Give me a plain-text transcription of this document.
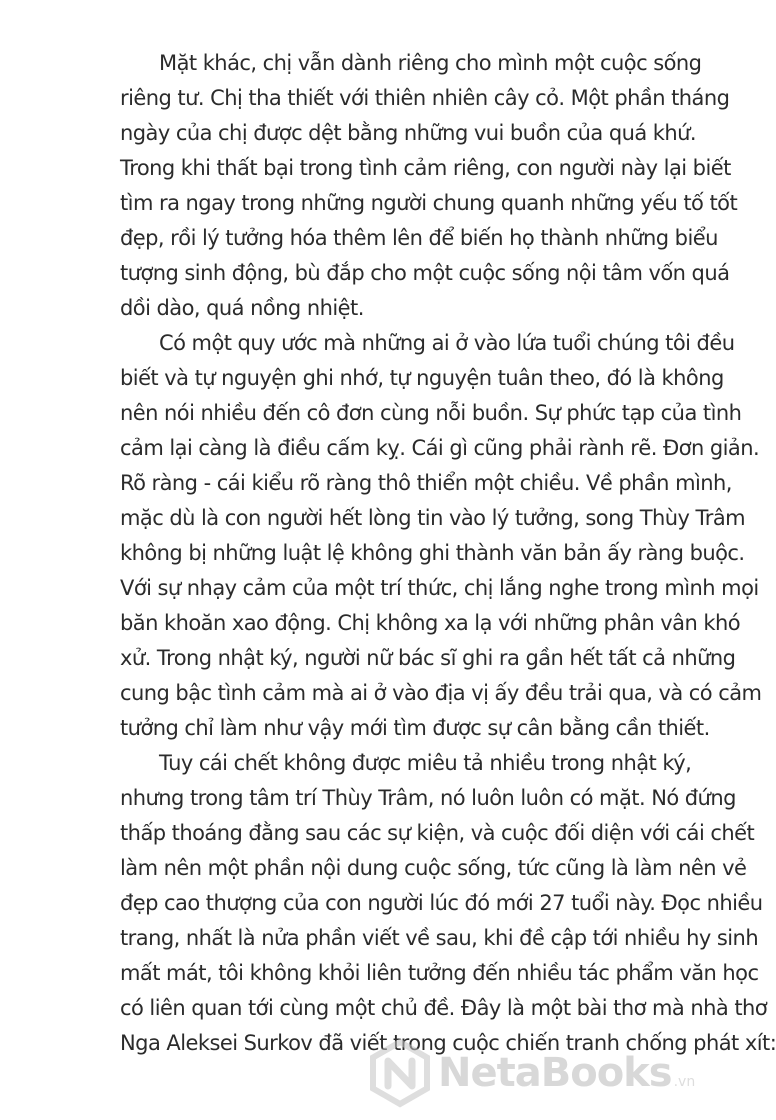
Mặt khác, chị vẫn dành riêng cho mình một cuộc sống
riêng tư. Chị tha thiết với thiên nhiên cây cỏ. Một phần tháng
ngày của chị được dệt bằng những vui buồn của quá khứ.
Trong khi thất bại trong tình cảm riêng, con người này lại biết
tìm ra ngay trong những người chung quanh những yếu tố tốt
đẹp, rồi lý tưởng hóa thêm lên để biến họ thành những biểu
tượng sinh động, bù đắp cho một cuộc sống nội tâm vốn quá
dồi dào, quá nồng nhiệt.
Có một quy ước mà những ai ở vào lứa tuổi chúng tôi đều
biết và tự nguyện ghi nhớ, tự nguyện tuân theo, đó là không
nên nói nhiều đến cô đơn cùng nỗi buồn. Sự phức tạp của tình
cảm lại càng là điều cấm kỵ. Cái gì cũng phải rành rẽ. Đơn giản.
Rõ ràng - cái kiểu rõ ràng thô thiển một chiều. Về phần mình,
mặc dù là con người hết lòng tin vào lý tưởng, song Thùy Trâm
không bị những luật lệ không ghi thành văn bản ấy ràng buộc.
Với sự nhạy cảm của một trí thức, chị lắng nghe trong mình mọi
băn khoăn xao động. Chị không xa lạ với những phân vân khó
xử. Trong nhật ký, người nữ bác sĩ ghi ra gần hết tất cả những
cung bậc tình cảm mà ai ở vào địa vị ấy đều trải qua, và có cảm
tưởng chỉ làm như vậy mới tìm được sự cân bằng cần thiết.
Tuy cái chết không được miêu tả nhiều trong nhật ký,
nhưng trong tâm trí Thùy Trâm, nó luôn luôn có mặt. Nó đứng
thấp thoáng đằng sau các sự kiện, và cuộc đối diện với cái chết
làm nên một phần nội dung cuộc sống, tức cũng là làm nên vẻ
đẹp cao thượng của con người lúc đó mới 27 tuổi này. Đọc nhiều
trang, nhất là nửa phần viết về sau, khi đề cập tới nhiều hy sinh
mất mát, tôi không khỏi liên tưởng đến nhiều tác phẩm văn học
có liên quan tới cùng một chủ đề. Đây là một bài thơ mà nhà thơ
Nga Aleksei Surkov đã viết trong cuộc chiến tranh chống phát xít:
NetaBooks .vn
